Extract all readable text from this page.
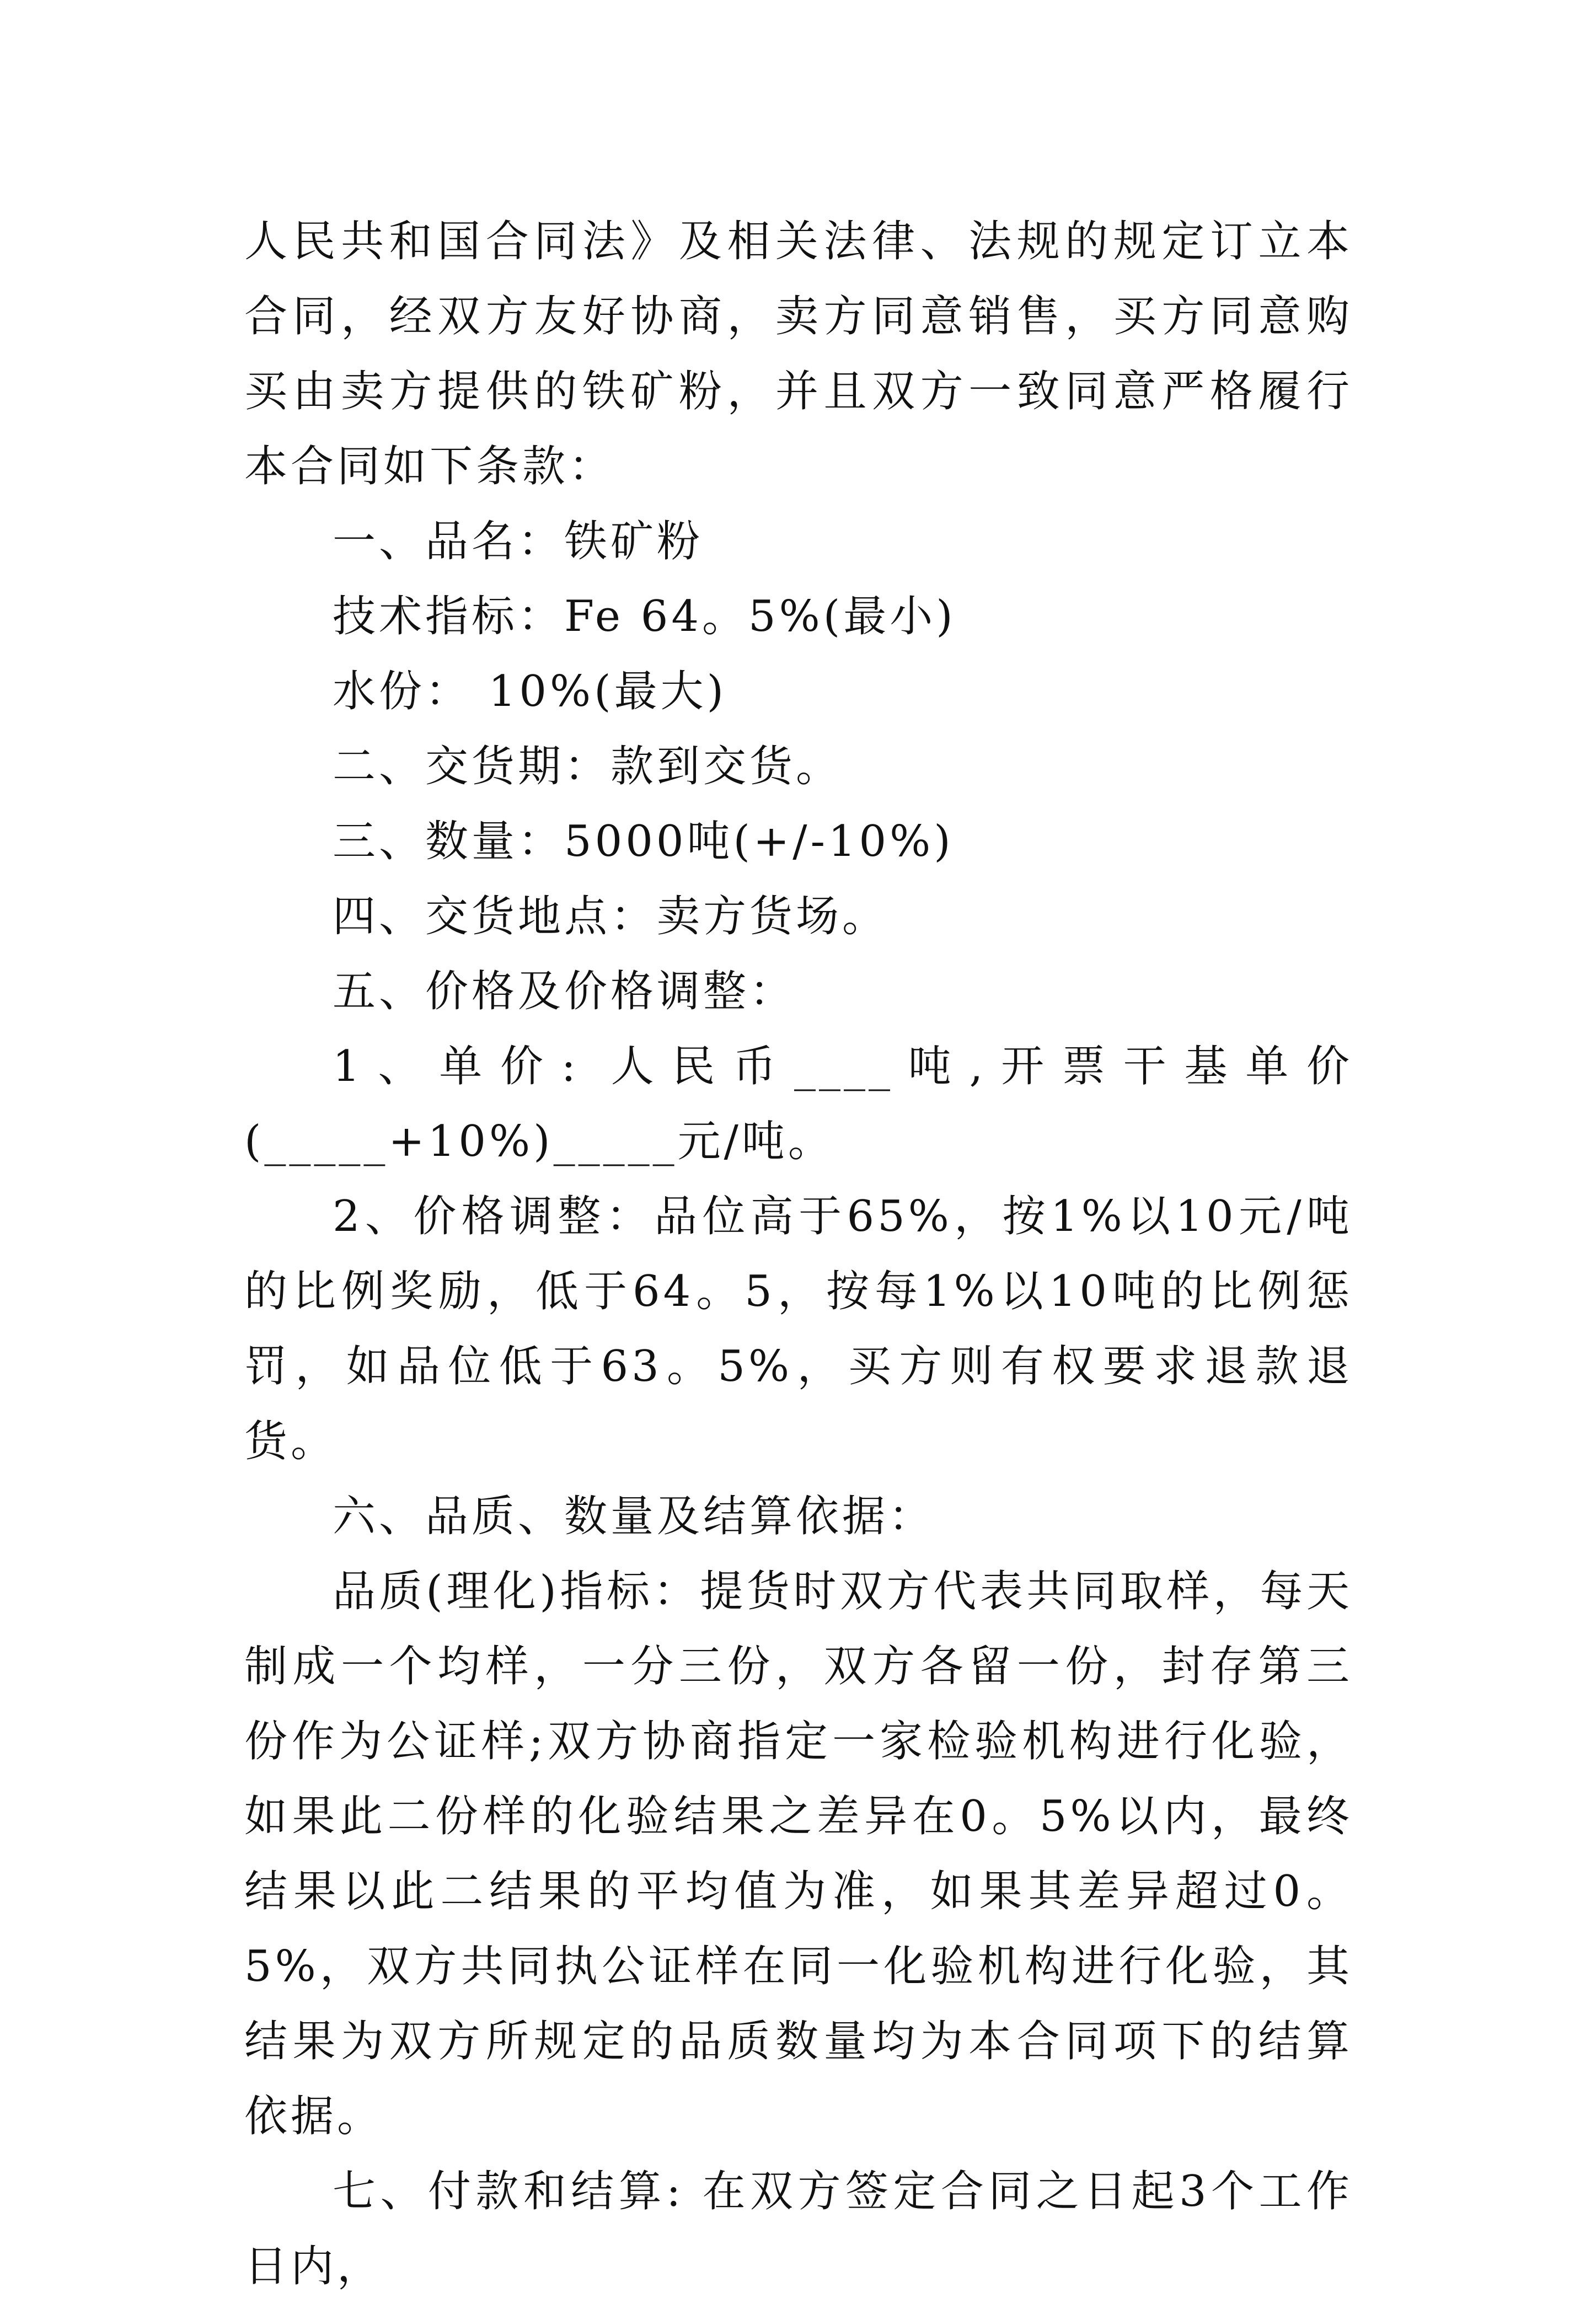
人民共和国合同法》及相关法律、法规的规定订立本合同，经双方友好协商，卖方同意销售，买方同意购买由卖方提供的铁矿粉，并且双方一致同意严格履行本合同如下条款：

一、品名：铁矿粉

技术指标：Fe 64。5%(最小)

水份： 10%(最大)

二、交货期：款到交货。

三、数量：5000吨(+/-10%)

四、交货地点：卖方货场。

五、价格及价格调整：

1、单价: 人民币____吨,开票干基单价(_____+10%)_____元/吨。

2、价格调整：品位高于65%，按1%以10元/吨的比例奖励，低于64。5，按每1%以10吨的比例惩罚，如品位低于63。5%，买方则有权要求退款退货。

六、品质、数量及结算依据：

品质(理化)指标：提货时双方代表共同取样，每天制成一个均样，一分三份，双方各留一份，封存第三份作为公证样;双方协商指定一家检验机构进行化验，如果此二份样的化验结果之差异在0。5%以内，最终结果以此二结果的平均值为准，如果其差异超过0。5%，双方共同执公证样在同一化验机构进行化验，其结果为双方所规定的品质数量均为本合同项下的结算依据。

七、付款和结算: 在双方签定合同之日起3个工作日内，
